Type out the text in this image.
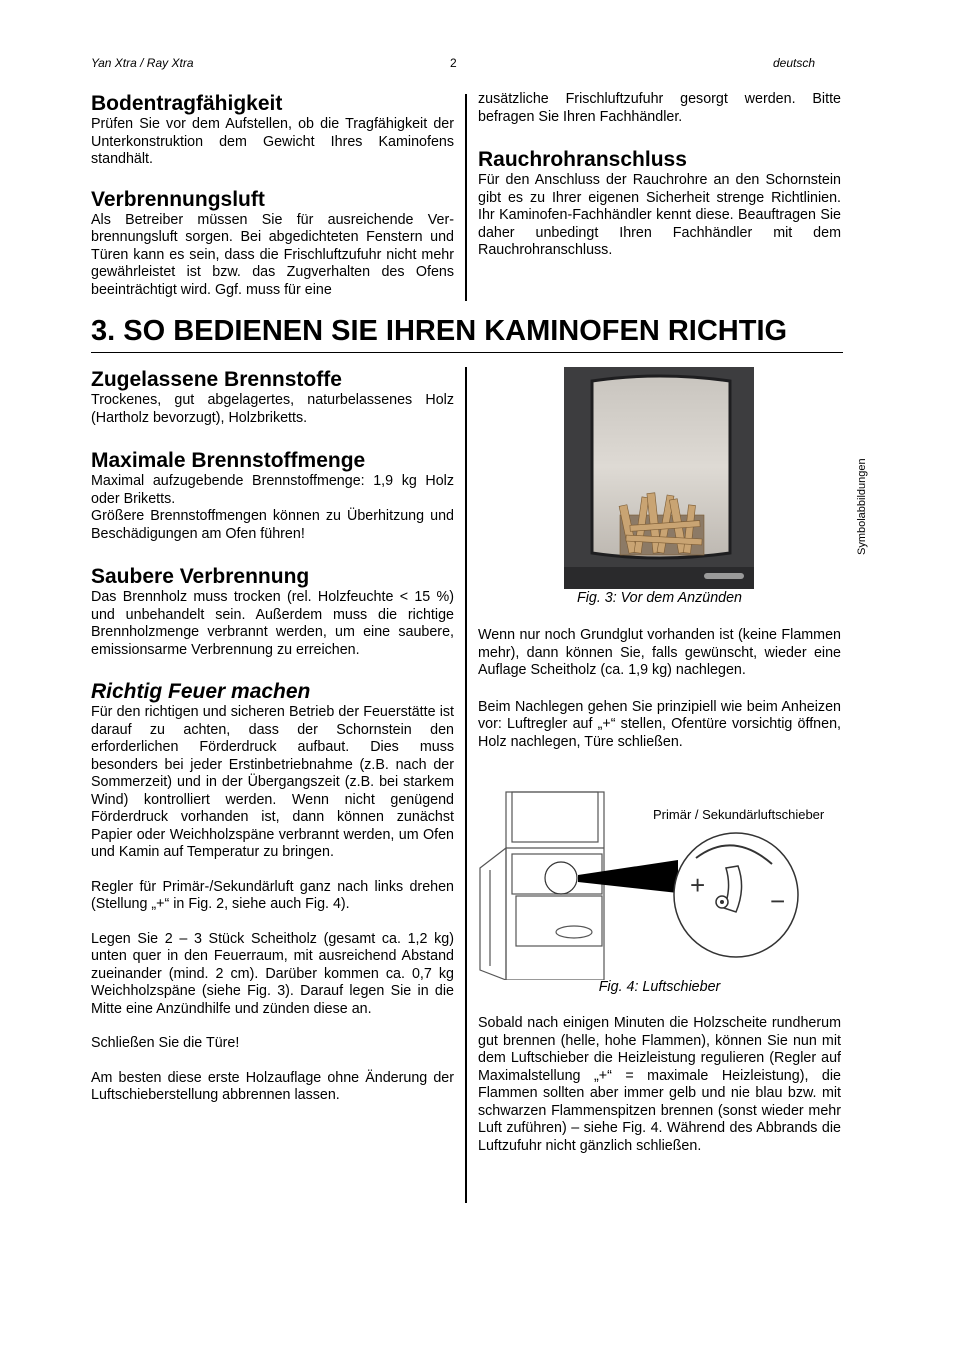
Yan Xtra / Ray Xtra	2	deutsch
Bodentragfähigkeit

Prüfen Sie vor dem Aufstellen, ob die Tragfähigkeit der Unterkonstruktion dem Gewicht Ihres Kaminofens standhält.

Verbrennungsluft

Als Betreiber müssen Sie für ausreichende Ver-brennungsluft sorgen. Bei abgedichteten Fenstern und Türen kann es sein, dass die Frischluftzufuhr nicht mehr gewährleistet ist bzw. das Zugverhalten des Ofens beeinträchtigt wird. Ggf. muss für eine

zusätzliche Frischluftzufuhr gesorgt werden. Bitte befragen Sie Ihren Fachhändler.

Rauchrohranschluss

Für den Anschluss der Rauchrohre an den Schornstein gibt es zu Ihrer eigenen Sicherheit strenge Richtlinien. Ihr Kaminofen-Fachhändler kennt diese. Beauftragen Sie daher unbedingt Ihren Fachhändler mit dem Rauchrohranschluss.

3. SO BEDIENEN SIE IHREN KAMINOFEN RICHTIG
Zugelassene Brennstoffe

Trockenes, gut abgelagertes, naturbelassenes Holz (Hartholz bevorzugt), Holzbriketts.

Maximale Brennstoffmenge

Maximal aufzugebende Brennstoffmenge: 1,9 kg Holz oder Briketts.

Größere Brennstoffmengen können zu Überhitzung und Beschädigungen am Ofen führen!

Saubere Verbrennung

Das Brennholz muss trocken (rel. Holzfeuchte < 15 %) und unbehandelt sein. Außerdem muss die richtige Brennholzmenge verbrannt werden, um eine saubere, emissionsarme Verbrennung zu erreichen.

Richtig Feuer machen

Für den richtigen und sicheren Betrieb der Feuerstätte ist darauf zu achten, dass der Schornstein den erforderlichen Förderdruck aufbaut. Dies muss besonders bei jeder Erstinbetriebnahme (z.B. nach der Sommerzeit) und in der Übergangszeit (z.B. bei starkem Wind) kontrolliert werden. Wenn nicht genügend Förderdruck vorhanden ist, dann können zunächst Papier oder Weichholzspäne verbrannt werden, um Ofen und Kamin auf Temperatur zu bringen.

Regler für Primär-/Sekundärluft ganz nach links drehen (Stellung „+“ in Fig. 2, siehe auch Fig. 4).

Legen Sie 2 – 3 Stück Scheitholz (gesamt ca. 1,2 kg) unten quer in den Feuerraum, mit ausreichend Abstand zueinander (mind. 2 cm). Darüber kommen ca. 0,7 kg Weichholzspäne (siehe Fig. 3). Darauf legen Sie in die Mitte eine Anzündhilfe und zünden diese an.

Schließen Sie die Türe!

Am besten diese erste Holzauflage ohne Änderung der Luftschieberstellung abbrennen lassen.

Fig. 3: Vor dem Anzünden

Wenn nur noch Grundglut vorhanden ist (keine Flammen mehr), dann können Sie, falls gewünscht, wieder eine Auflage Scheitholz (ca. 1,9 kg) nachlegen.

Beim Nachlegen gehen Sie prinzipiell wie beim Anheizen vor: Luftregler auf „+“ stellen, Ofentüre vorsichtig öffnen, Holz nachlegen, Türe schließen.

+
−
Primär / Sekundärluftschieber
Fig. 4: Luftschieber

Sobald nach einigen Minuten die Holzscheite rundherum gut brennen (helle, hohe Flammen), können Sie nun mit dem Luftschieber die Heizleistung regulieren (Regler auf Maximalstellung „+“ = maximale Heizleistung), die Flammen sollten aber immer gelb und nie blau bzw. mit schwarzen Flammenspitzen brennen (sonst wieder mehr Luft zuführen) – siehe Fig. 4. Während des Abbrands die Luftzufuhr nicht gänzlich schließen.

Symbolabbildungen
